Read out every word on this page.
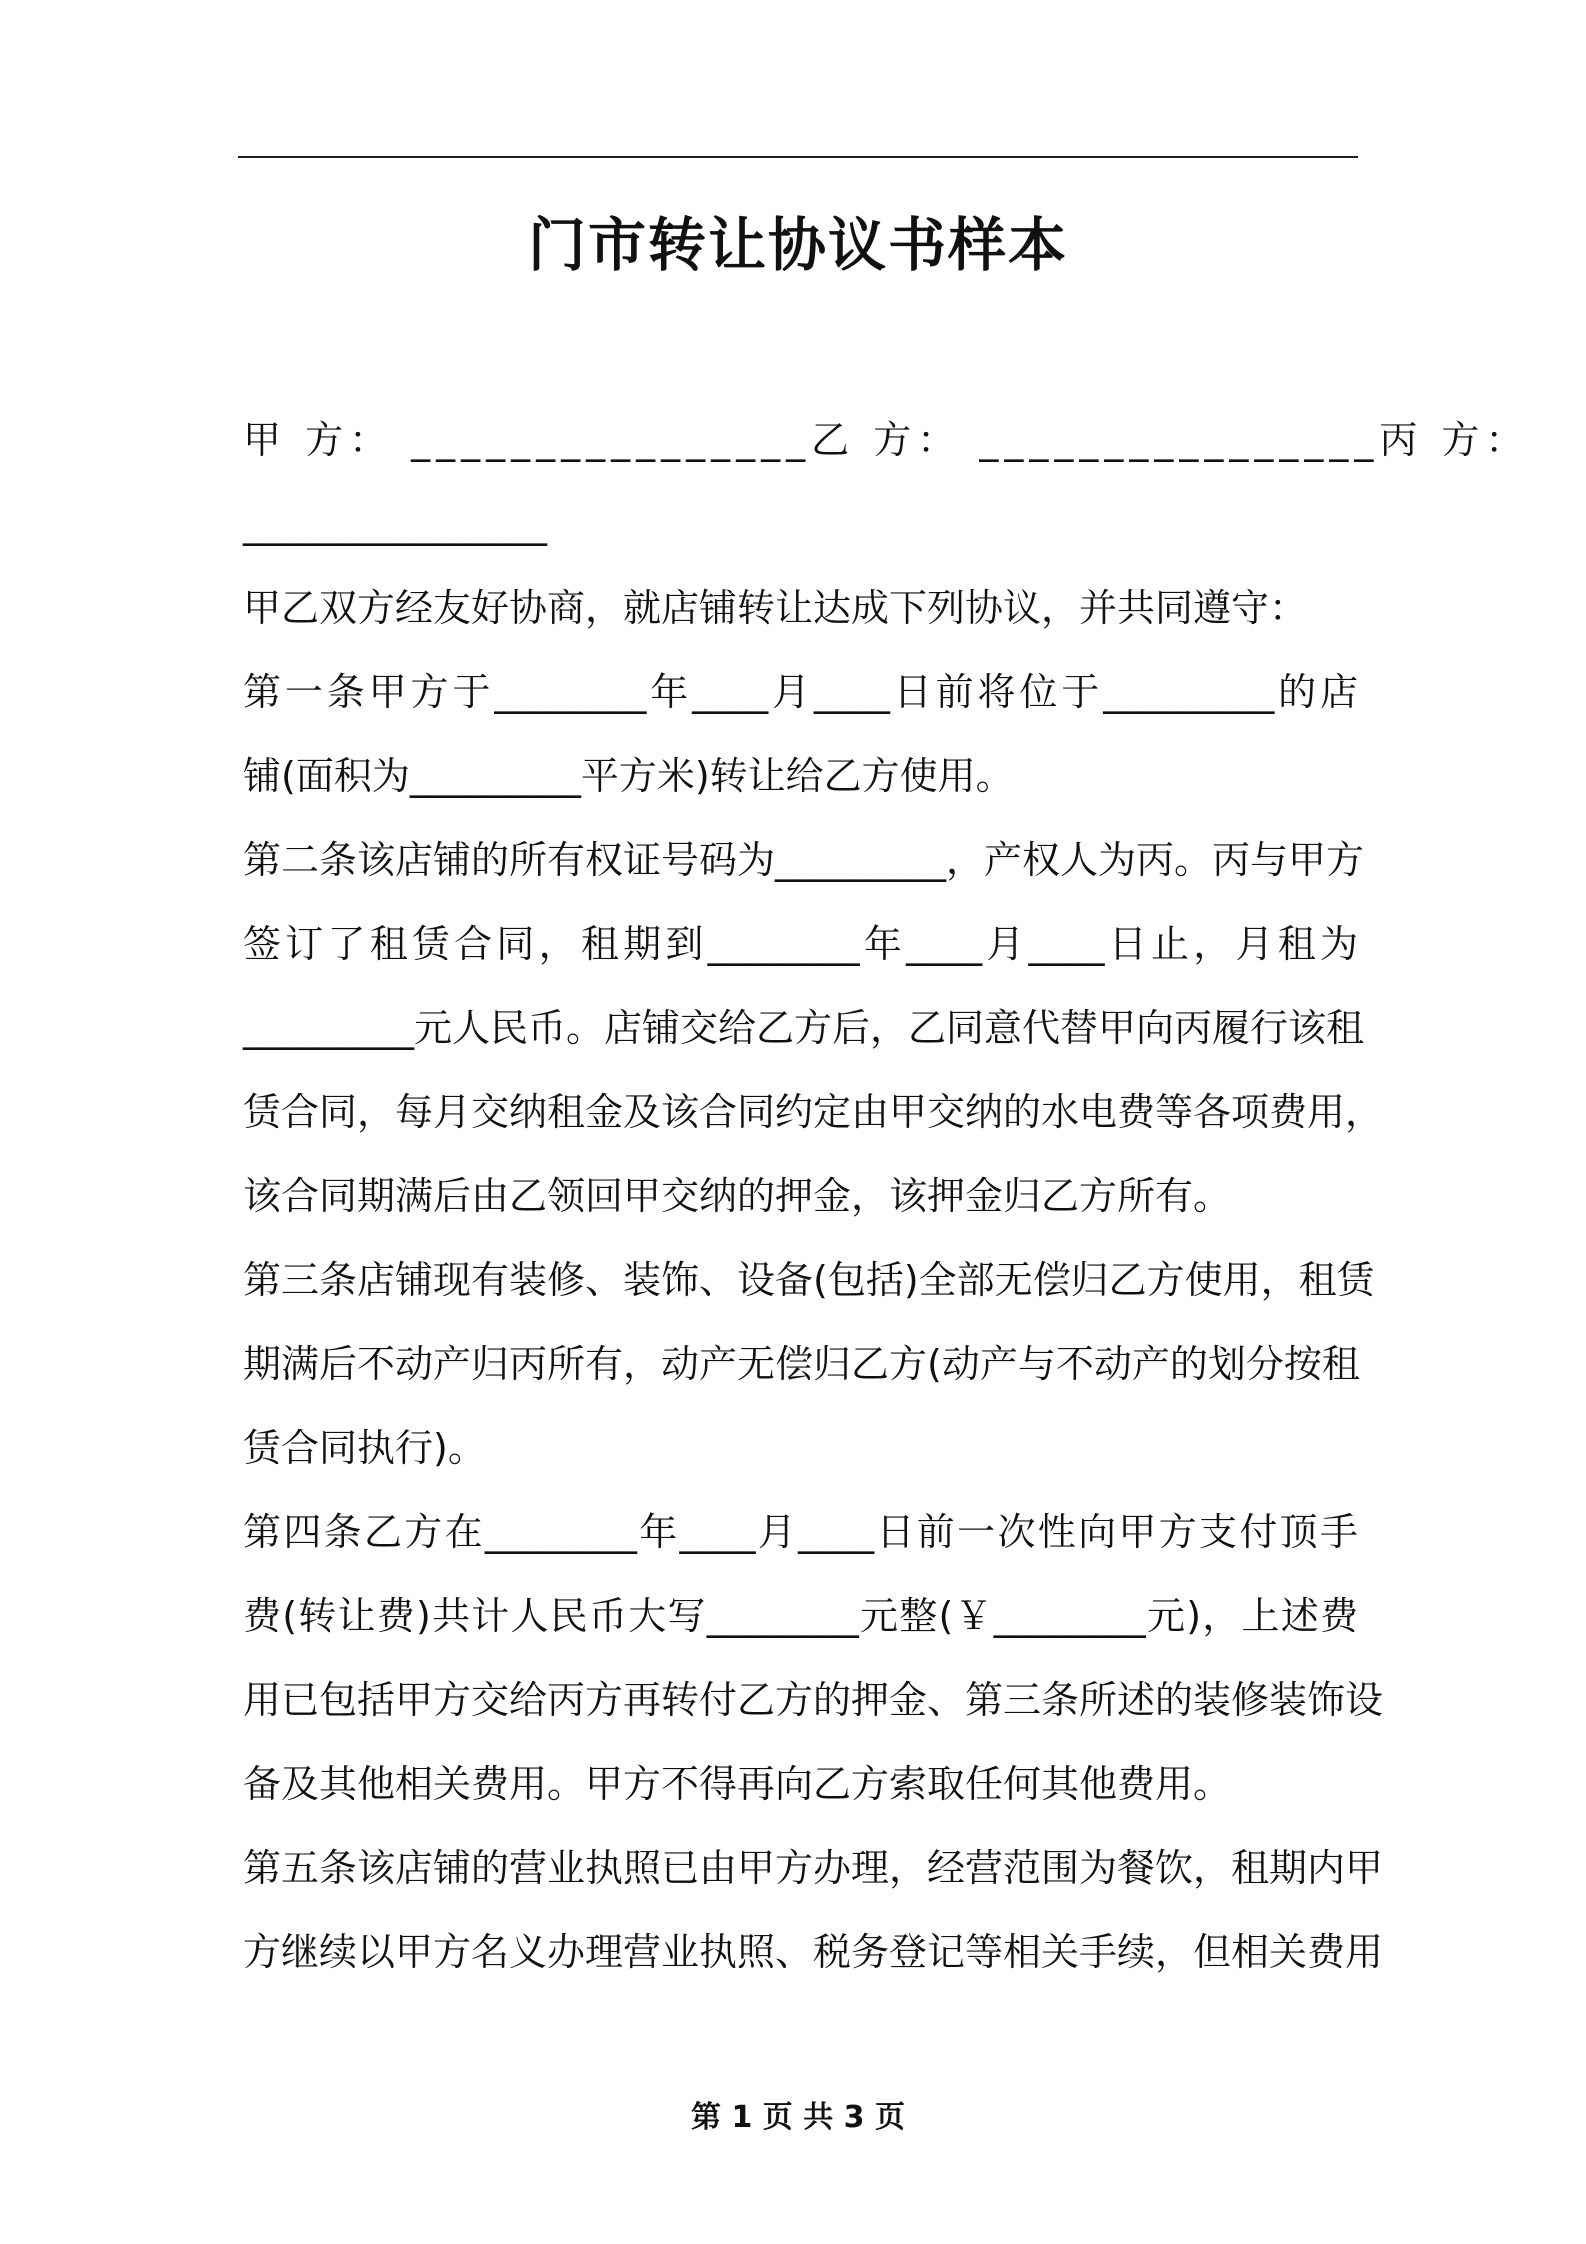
门市转让协议书样本
甲 方： ________________乙 方： ________________丙 方：
________________
甲乙双方经友好协商，就店铺转让达成下列协议，并共同遵守：
第一条甲方于________年____月____日前将位于_________的店
铺(面积为_________平方米)转让给乙方使用。
第二条该店铺的所有权证号码为_________，产权人为丙。丙与甲方
签订了租赁合同，租期到________年____月____日止，月租为
_________元人民币。店铺交给乙方后，乙同意代替甲向丙履行该租
赁合同，每月交纳租金及该合同约定由甲交纳的水电费等各项费用，
该合同期满后由乙领回甲交纳的押金，该押金归乙方所有。
第三条店铺现有装修、装饰、设备(包括)全部无偿归乙方使用，租赁
期满后不动产归丙所有，动产无偿归乙方(动产与不动产的划分按租
赁合同执行)。
第四条乙方在________年____月____日前一次性向甲方支付顶手
费(转让费)共计人民币大写________元整(￥________元)，上述费
用已包括甲方交给丙方再转付乙方的押金、第三条所述的装修装饰设
备及其他相关费用。甲方不得再向乙方索取任何其他费用。
第五条该店铺的营业执照已由甲方办理，经营范围为餐饮，租期内甲
方继续以甲方名义办理营业执照、税务登记等相关手续，但相关费用
第 1 页 共 3 页
